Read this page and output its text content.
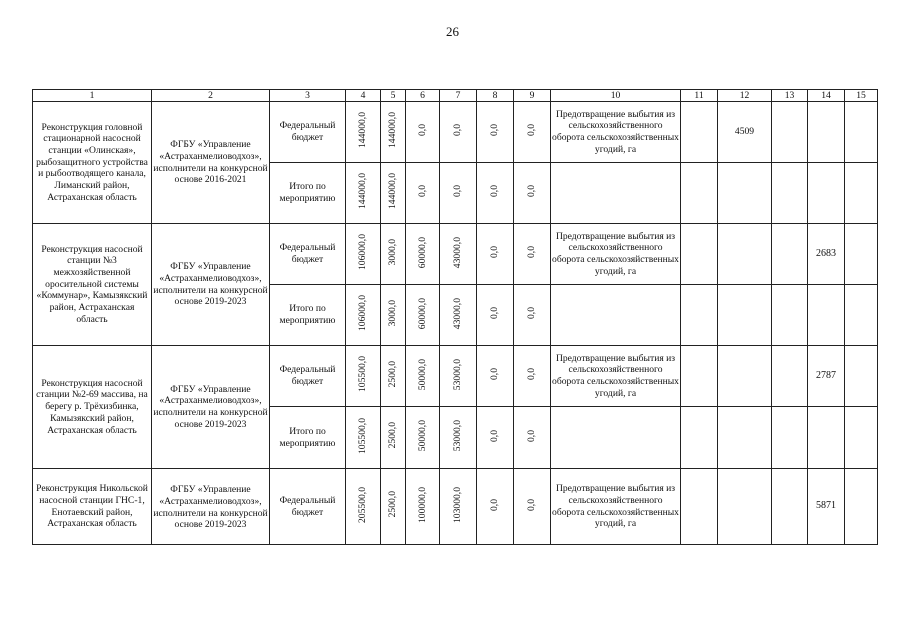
26
1	2	3	4	5	6	7	8	9	10	11	12	13	14	15
Реконструкция головной стационарной насосной станции «Олинская», рыбозащитного устройства и рыбоотводящего канала, Лиманский район, Астраханская область	ФГБУ «Управление «Астраханмелиоводхоз», исполнители на конкурсной основе 2016-2021	Федеральный бюджет	144000,0	144000,0	0,0	0,0	0,0	0,0	Предотвращение выбытия из сельскохозяйственного оборота сельскохозяйственных угодий, га		4509			
		Итого по мероприятию	144000,0	144000,0	0,0	0,0	0,0	0,0						
Реконструкция насосной станции №3 межхозяйственной оросительной системы «Коммунар», Камызякский район, Астраханская область	ФГБУ «Управление «Астраханмелиоводхоз», исполнители на конкурсной основе 2019-2023	Федеральный бюджет	106000,0	3000,0	60000,0	43000,0	0,0	0,0	Предотвращение выбытия из сельскохозяйственного оборота сельскохозяйственных угодий, га				2683	
		Итого по мероприятию	106000,0	3000,0	60000,0	43000,0	0,0	0,0						
Реконструкция насосной станции №2-69 массива, на берегу р. Трёхизбинка, Камызякский район, Астраханская область	ФГБУ «Управление «Астраханмелиоводхоз», исполнители на конкурсной основе 2019-2023	Федеральный бюджет	105500,0	2500,0	50000,0	53000,0	0,0	0,0	Предотвращение выбытия из сельскохозяйственного оборота сельскохозяйственных угодий, га				2787	
		Итого по мероприятию	105500,0	2500,0	50000,0	53000,0	0,0	0,0						
Реконструкция Никольской насосной станции ГНС-1, Енотаевский район, Астраханская область	ФГБУ «Управление «Астраханмелиоводхоз», исполнители на конкурсной основе 2019-2023	Федеральный бюджет	205500,0	2500,0	100000,0	103000,0	0,0	0,0	Предотвращение выбытия из сельскохозяйственного оборота сельскохозяйственных угодий, га				5871	
